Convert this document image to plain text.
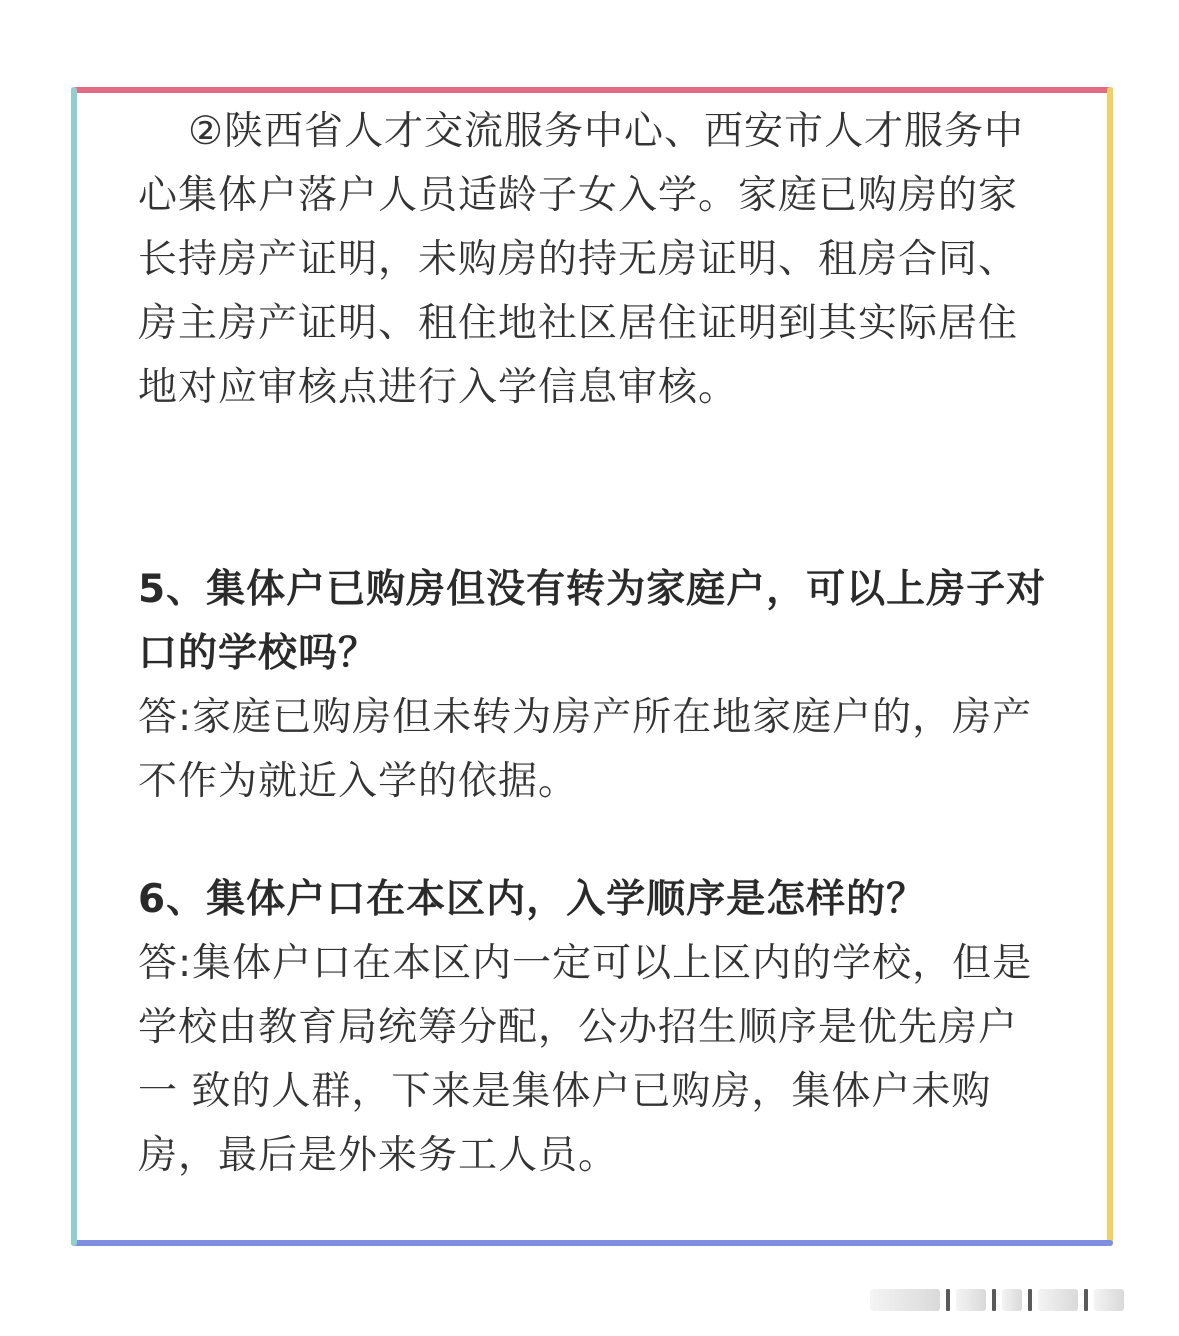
②陕西省人才交流服务中心、西安市人才服务中心集体户落户人员适龄子女入学。家庭已购房的家长持房产证明，未购房的持无房证明、租房合同、房主房产证明、租住地社区居住证明到其实际居住地对应审核点进行入学信息审核。

5、集体户已购房但没有转为家庭户，可以上房子对口的学校吗？

答:家庭已购房但未转为房产所在地家庭户的，房产不作为就近入学的依据。

6、集体户口在本区内，入学顺序是怎样的？

答:集体户口在本区内一定可以上区内的学校，但是学校由教育局统筹分配，公办招生顺序是优先房户一 致的人群，下来是集体户已购房，集体户未购房，最后是外来务工人员。
